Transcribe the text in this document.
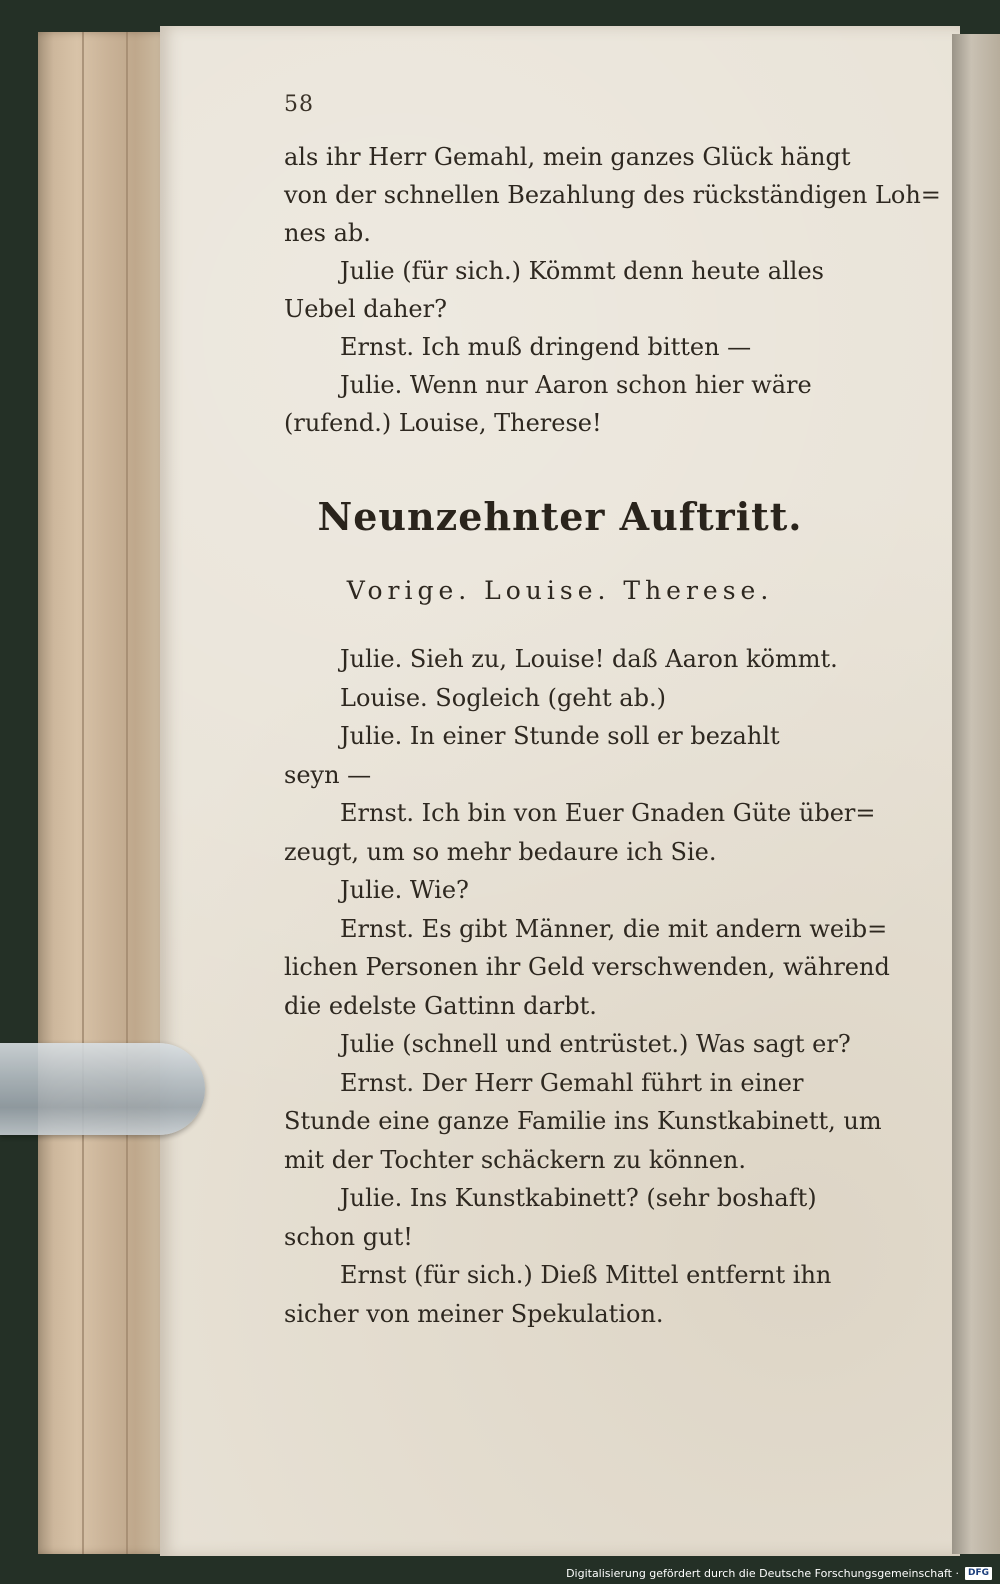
58
als ihr Herr Gemahl, mein ganzes Glück hängt
von der schnellen Bezahlung des rückständigen Loh=
nes ab.
Julie (für sich.) Kömmt denn heute alles
Uebel daher?
Ernst. Ich muß dringend bitten —
Julie. Wenn nur Aaron schon hier wäre
(rufend.) Louise, Therese!
Neunzehnter Auftritt.
Vorige. Louise. Therese.
Julie. Sieh zu, Louise! daß Aaron kömmt.
Louise. Sogleich (geht ab.)
Julie. In einer Stunde soll er bezahlt
seyn —
Ernst. Ich bin von Euer Gnaden Güte über=
zeugt, um so mehr bedaure ich Sie.
Julie. Wie?
Ernst. Es gibt Männer, die mit andern weib=
lichen Personen ihr Geld verschwenden, während
die edelste Gattinn darbt.
Julie (schnell und entrüstet.) Was sagt er?
Ernst. Der Herr Gemahl führt in einer
Stunde eine ganze Familie ins Kunstkabinett, um
mit der Tochter schäckern zu können.
Julie. Ins Kunstkabinett? (sehr boshaft)
schon gut!
Ernst (für sich.) Dieß Mittel entfernt ihn
sicher von meiner Spekulation.
Digitalisierung gefördert durch die Deutsche Forschungsgemeinschaft ·	DFG
